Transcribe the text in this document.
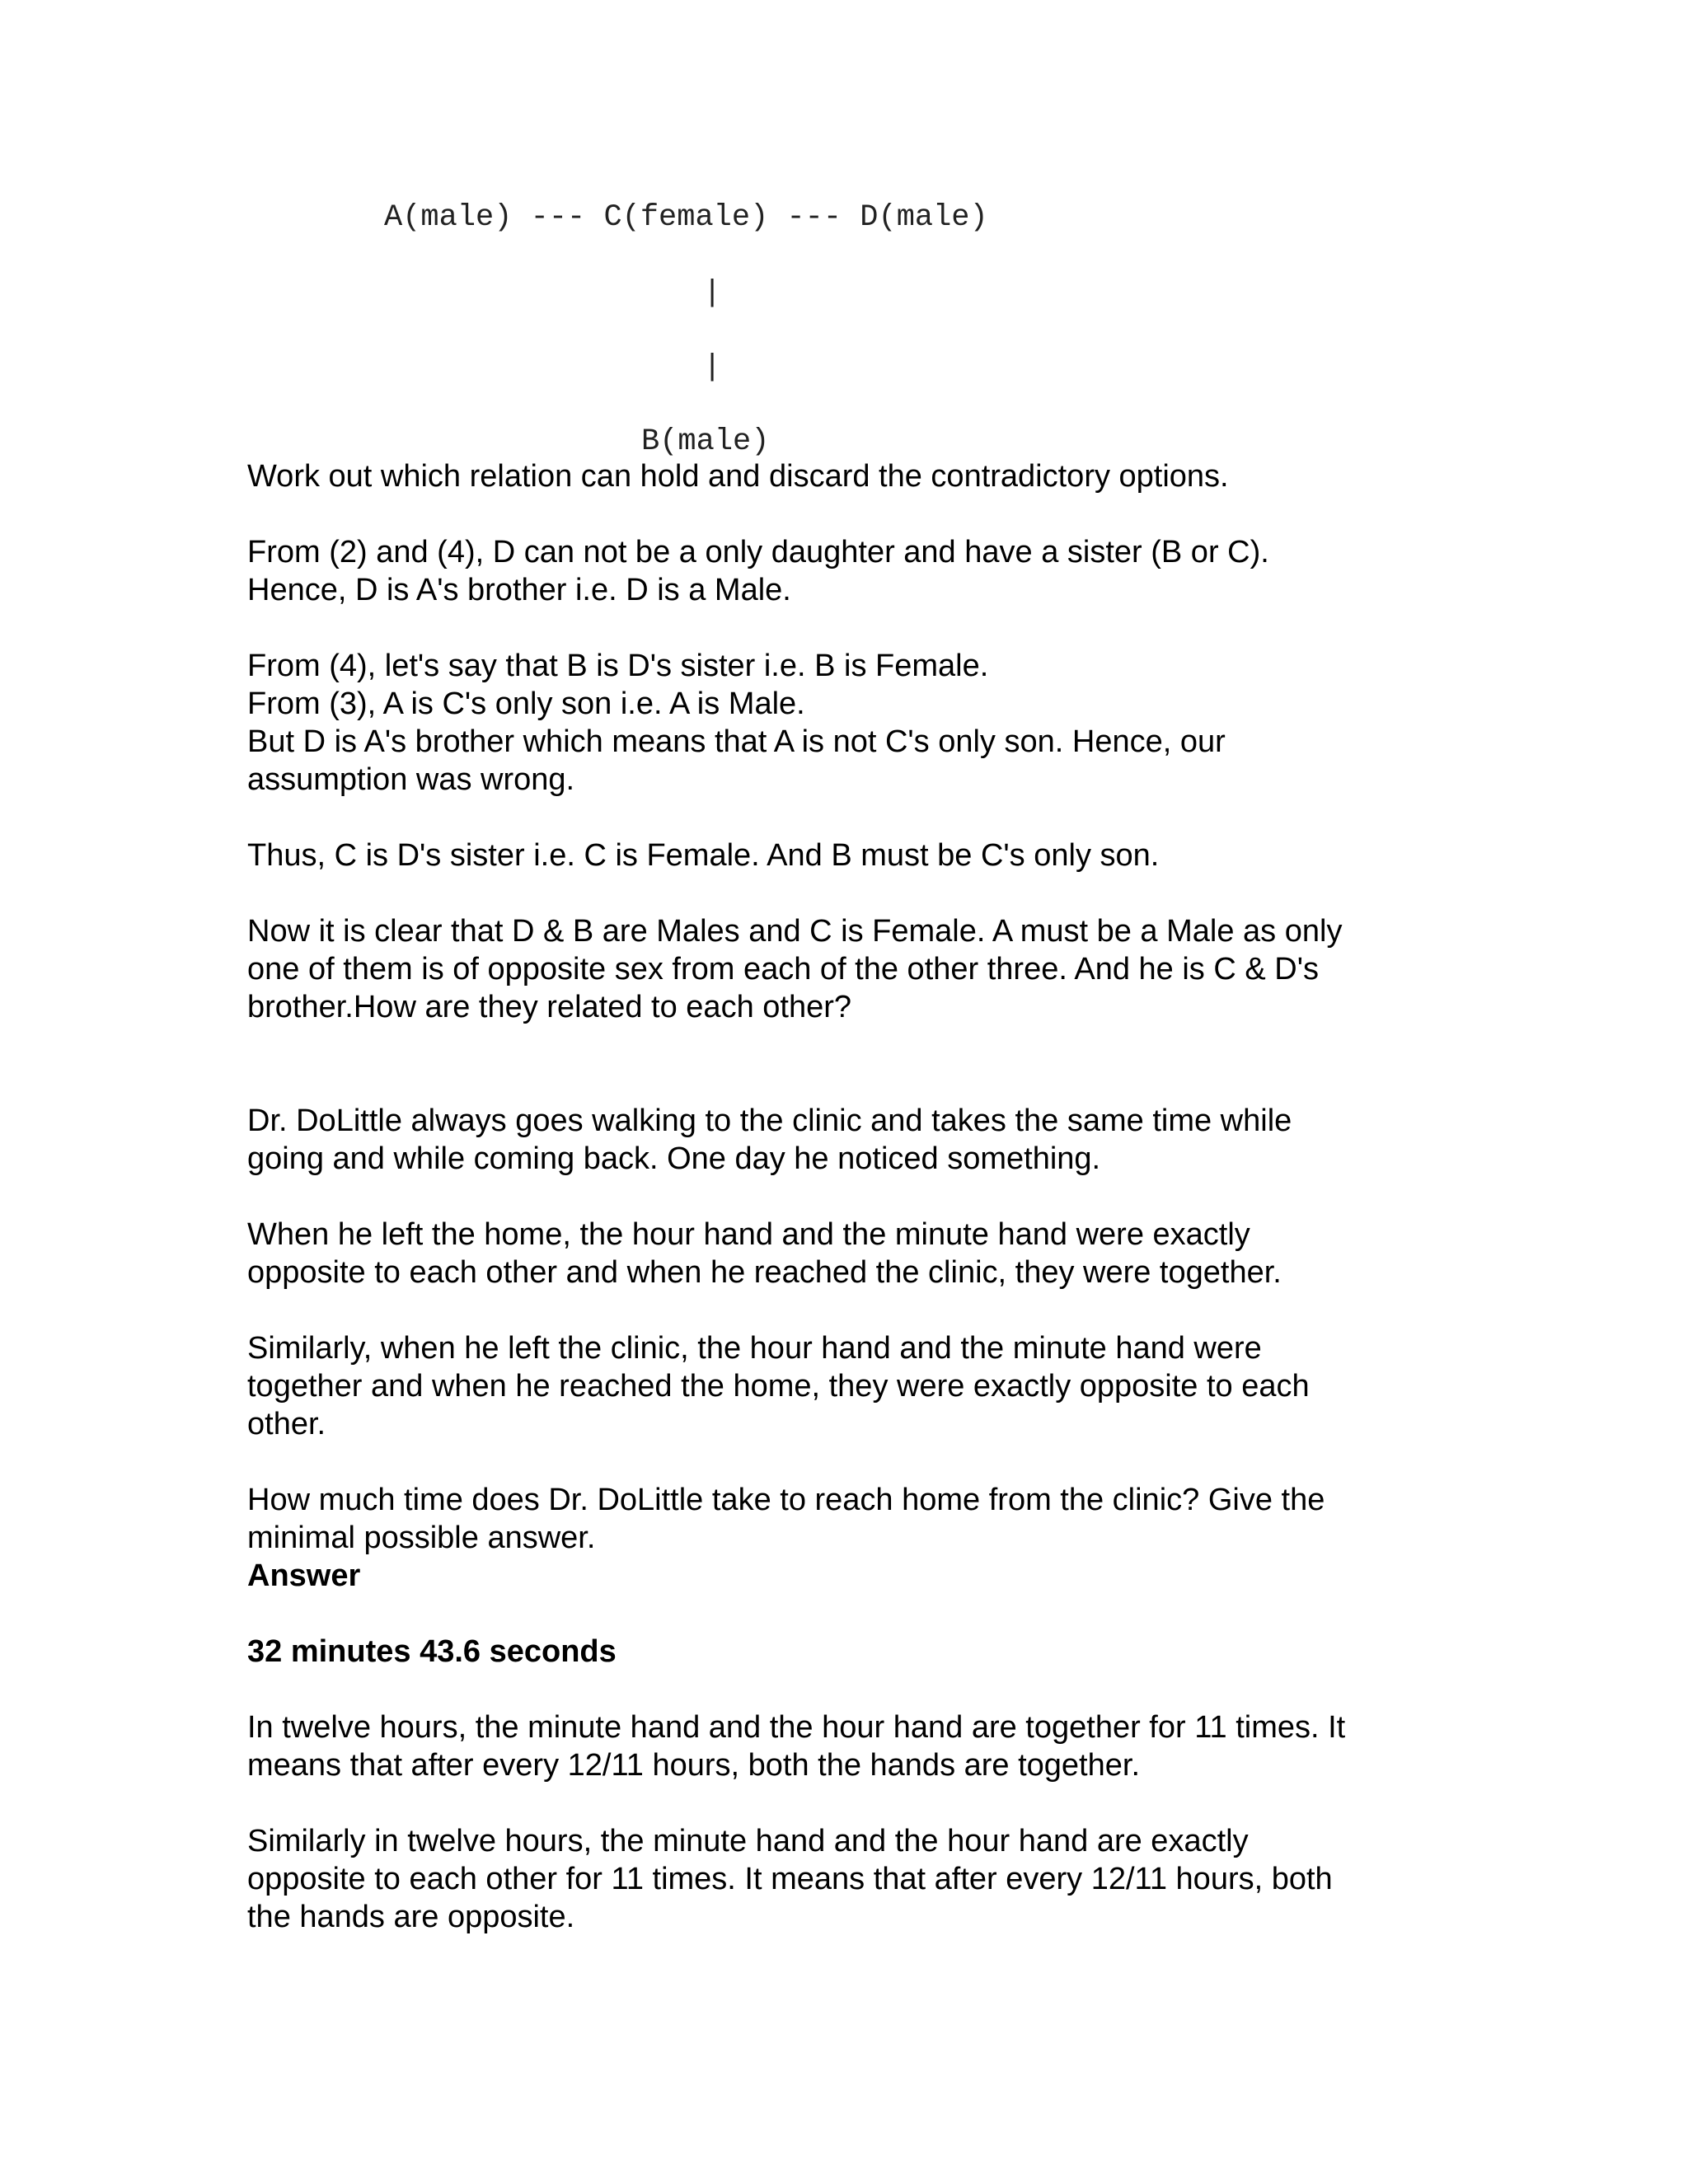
A(male) --- C(female) --- D(male)
|
|
B(male)

Work out which relation can hold and discard the contradictory options.

From (2) and (4), D can not be a only daughter and have a sister (B or C).
Hence, D is A's brother i.e. D is a Male.

From (4), let's say that B is D's sister i.e. B is Female.
From (3), A is C's only son i.e. A is Male.
But D is A's brother which means that A is not C's only son. Hence, our
assumption was wrong.

Thus, C is D's sister i.e. C is Female. And B must be C's only son.

Now it is clear that D & B are Males and C is Female. A must be a Male as only
one of them is of opposite sex from each of the other three. And he is C & D's
brother.How are they related to each other?

Dr. DoLittle always goes walking to the clinic and takes the same time while
going and while coming back. One day he noticed something.

When he left the home, the hour hand and the minute hand were exactly
opposite to each other and when he reached the clinic, they were together.

Similarly, when he left the clinic, the hour hand and the minute hand were
together and when he reached the home, they were exactly opposite to each
other.

How much time does Dr. DoLittle take to reach home from the clinic? Give the
minimal possible answer.

Answer

32 minutes 43.6 seconds

In twelve hours, the minute hand and the hour hand are together for 11 times. It
means that after every 12/11 hours, both the hands are together.

Similarly in twelve hours, the minute hand and the hour hand are exactly
opposite to each other for 11 times. It means that after every 12/11 hours, both
the hands are opposite.
